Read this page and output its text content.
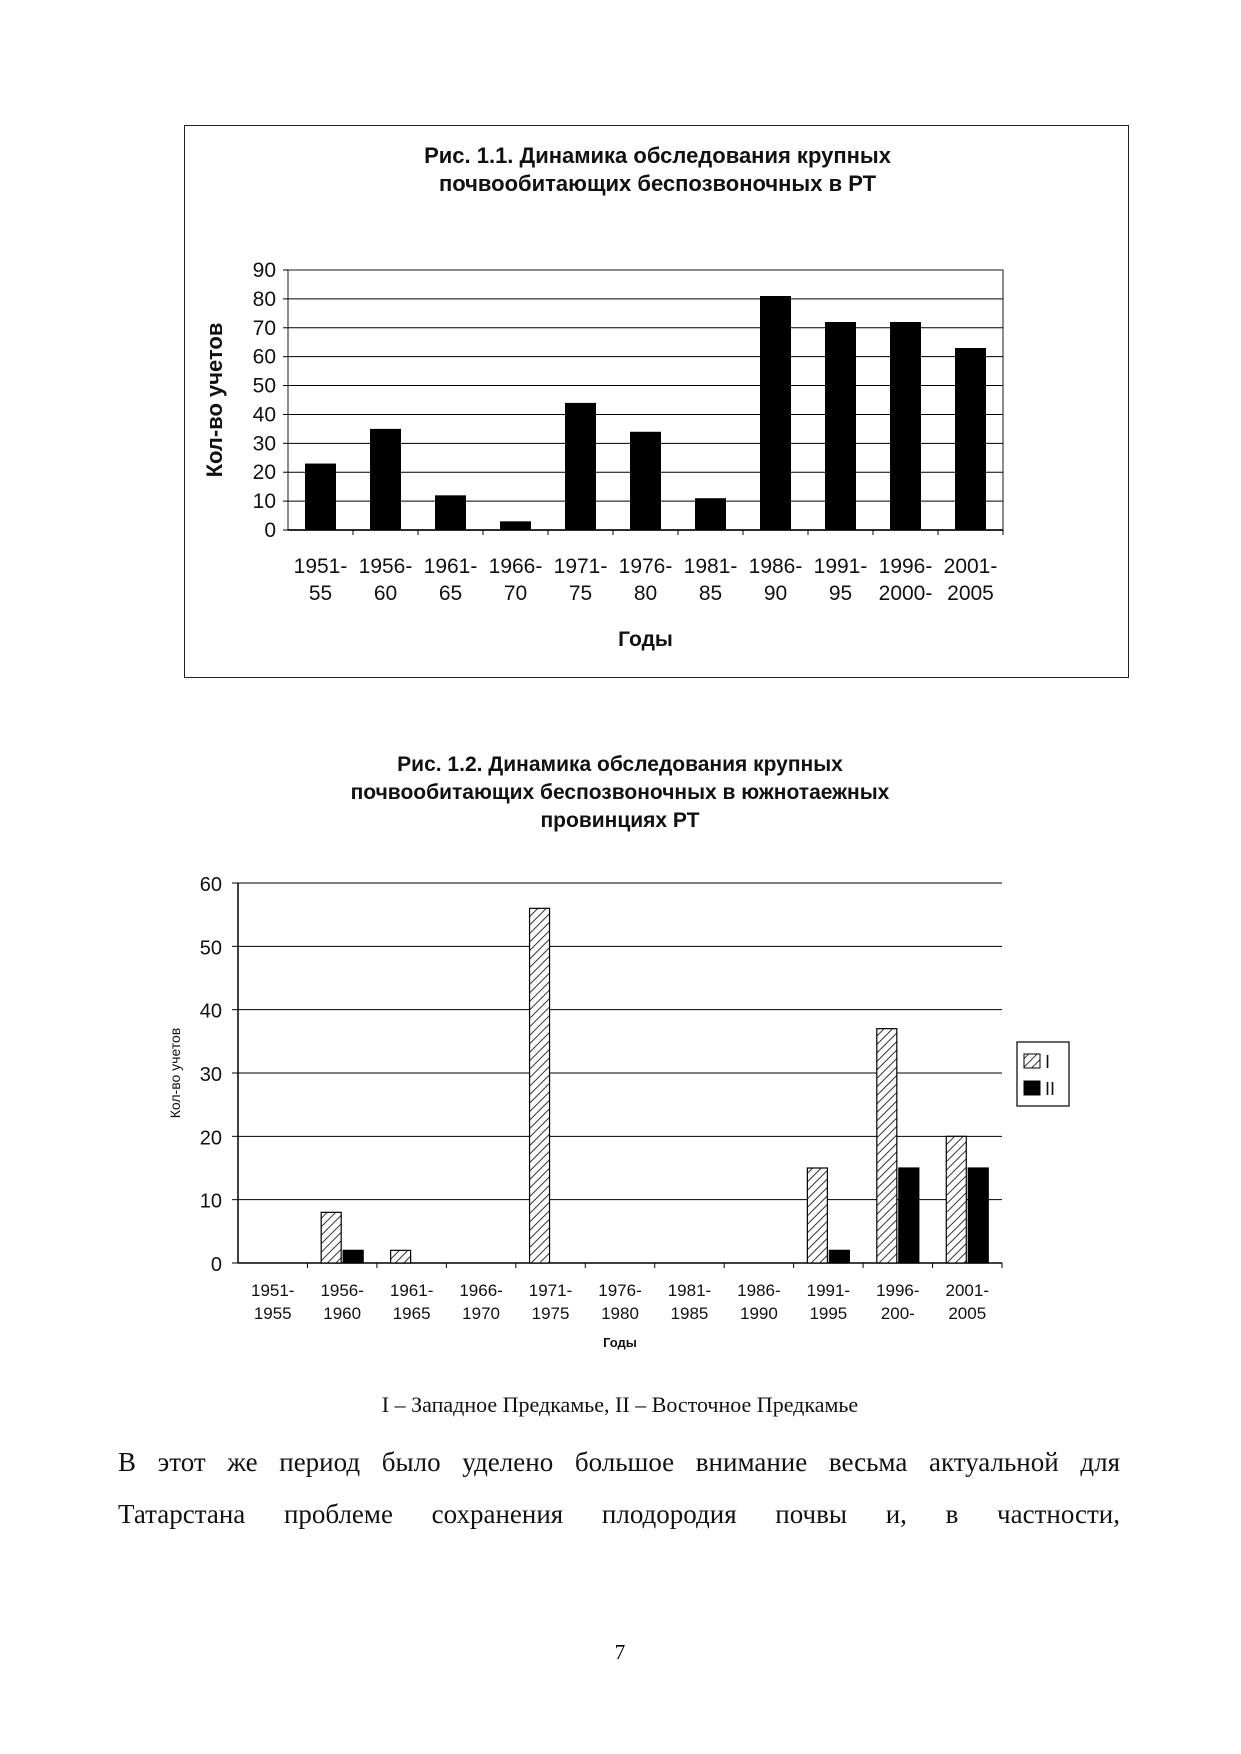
Рис. 1.1. Динамика обследования крупных
почвообитающих беспозвоночных в РТ
0
10
20
30
40
50
60
70
80
90
1951-
55
1956-
60
1961-
65
1966-
70
1971-
75
1976-
80
1981-
85
1986-
90
1991-
95
1996-
2000-
2001-
2005
Годы
Кол-во учетов
Рис. 1.2. Динамика обследования крупных
почвообитающих беспозвоночных в южнотаежных
провинциях РТ
0
10
20
30
40
50
60
1951-
1955
1956-
1960
1961-
1965
1966-
1970
1971-
1975
1976-
1980
1981-
1985
1986-
1990
1991-
1995
1996-
200-
2001-
2005
Годы
Кол-во учетов	I
II
I – Западное Предкамье, II – Восточное Предкамье
В этот же период было уделено большое внимание весьма актуальной для
Татарстана проблеме сохранения плодородия почвы и, в частности,
7
